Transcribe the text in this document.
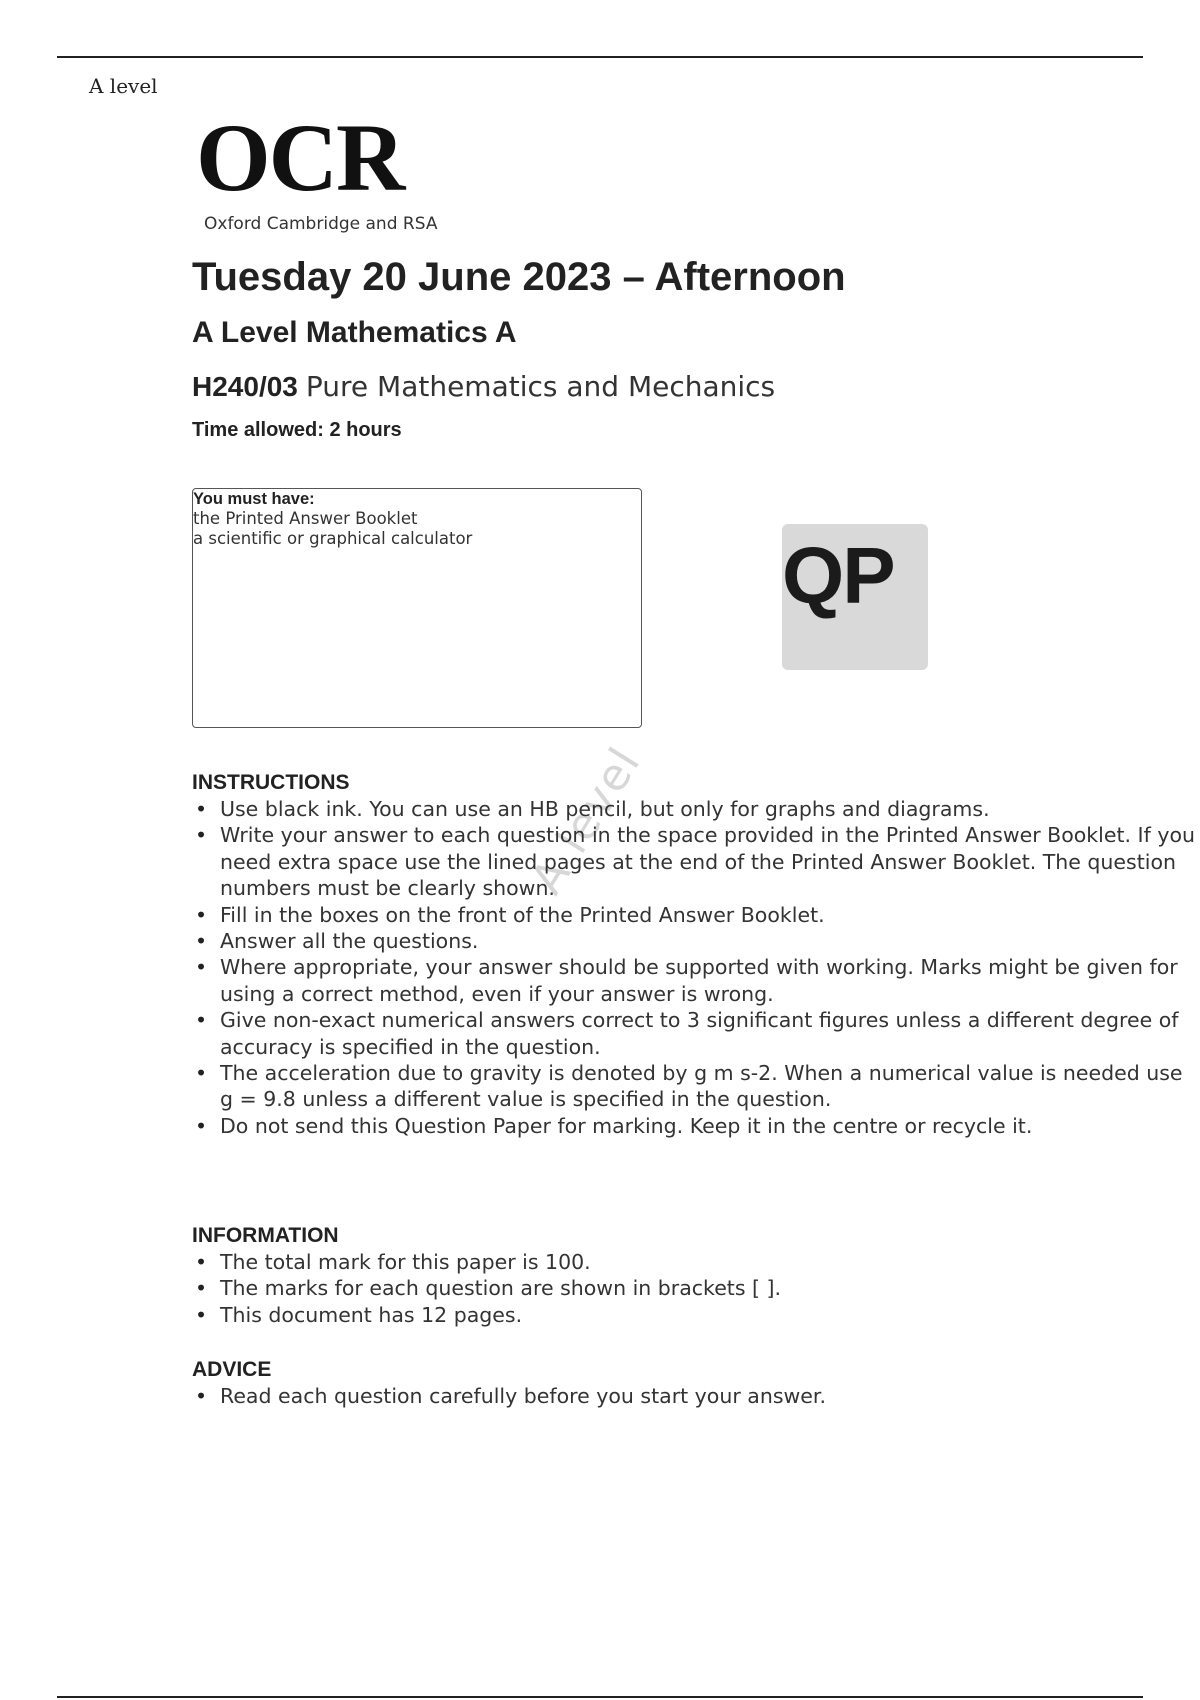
A level
OCR
Oxford Cambridge and RSA
Tuesday 20 June 2023 – Afternoon
A Level Mathematics A
H240/03 Pure Mathematics and Mechanics
Time allowed: 2 hours
You must have:
the Printed Answer Booklet
a scientific or graphical calculator	QP
A level
INSTRUCTIONS
• Use black ink. You can use an HB pencil, but only for graphs and diagrams.
• Write your answer to each question in the space provided in the Printed Answer Booklet. If you need extra space use the lined pages at the end of the Printed Answer Booklet. The question numbers must be clearly shown.
• Fill in the boxes on the front of the Printed Answer Booklet.
• Answer all the questions.
• Where appropriate, your answer should be supported with working. Marks might be given for using a correct method, even if your answer is wrong.
• Give non-exact numerical answers correct to 3 significant figures unless a different degree of accuracy is specified in the question.
• The acceleration due to gravity is denoted by g m s-2. When a numerical value is needed use g = 9.8 unless a different value is specified in the question.
• Do not send this Question Paper for marking. Keep it in the centre or recycle it.
INFORMATION
• The total mark for this paper is 100.
• The marks for each question are shown in brackets [ ].
• This document has 12 pages.
ADVICE
• Read each question carefully before you start your answer.
